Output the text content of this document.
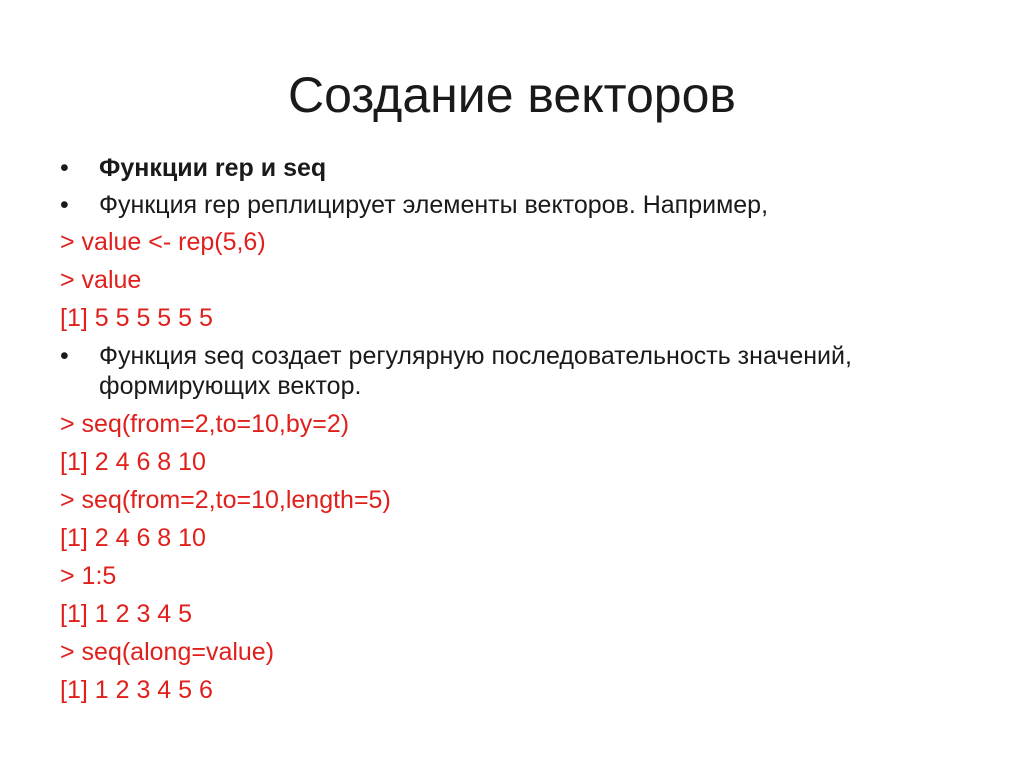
Создание векторов
•	Функции rep и seq
•	Функция rep реплицирует элементы векторов. Например,
> value <- rep(5,6)
> value
[1] 5 5 5 5 5 5
•	Функция seq создает регулярную последовательность значений,
формирующих вектор.
> seq(from=2,to=10,by=2)
[1] 2 4 6 8 10
> seq(from=2,to=10,length=5)
[1] 2 4 6 8 10
> 1:5
[1] 1 2 3 4 5
> seq(along=value)
[1] 1 2 3 4 5 6
